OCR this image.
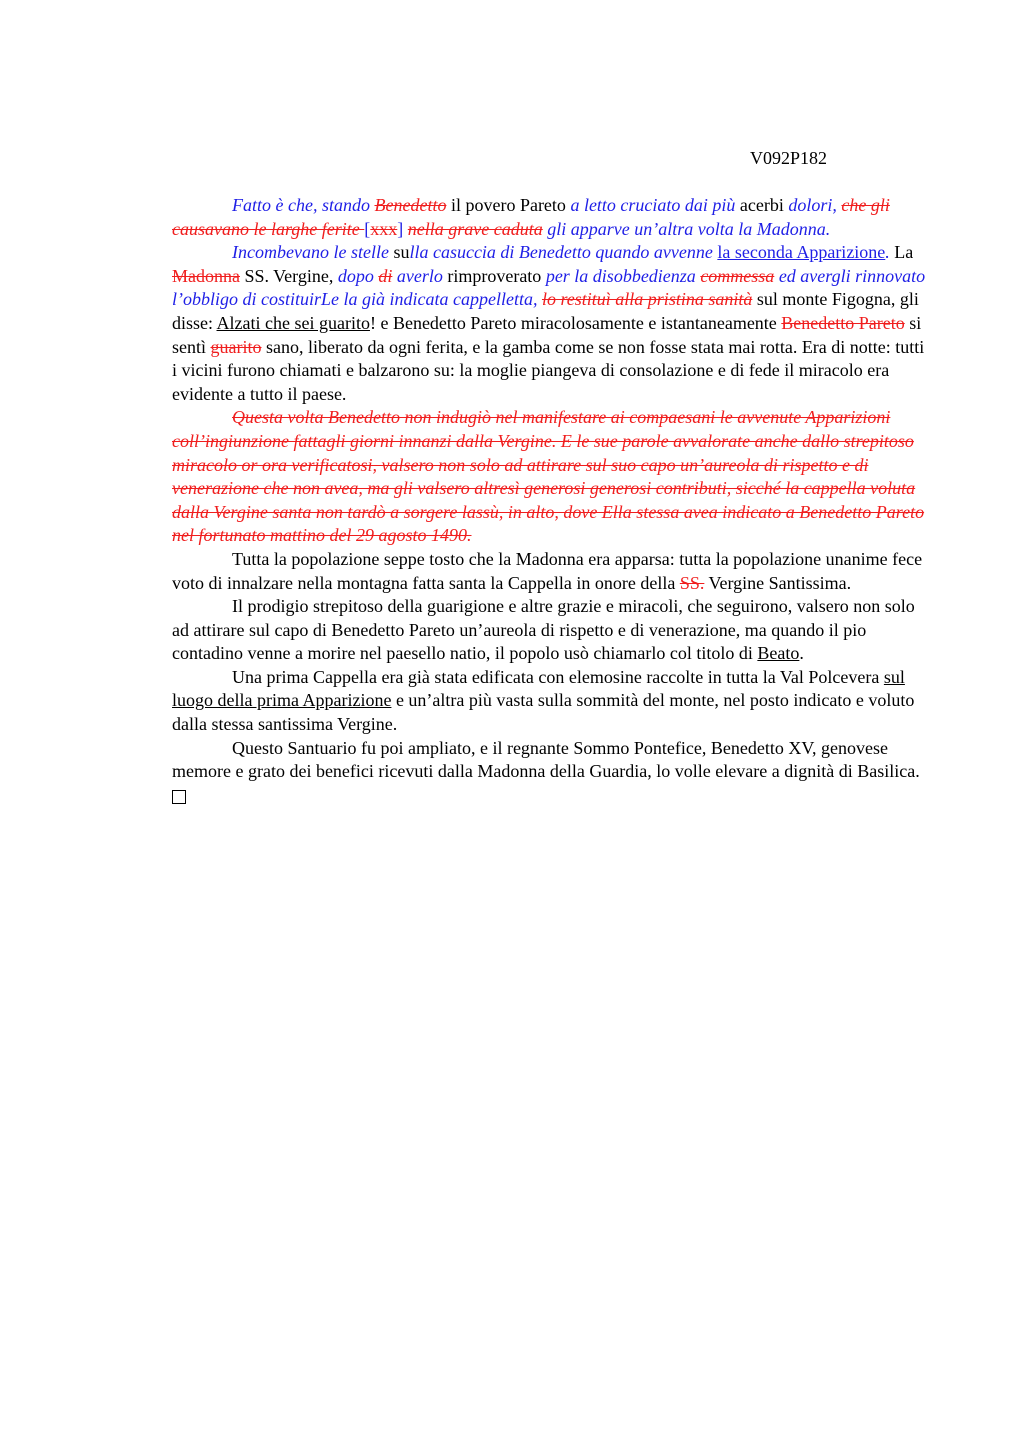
V092P182

Fatto è che, stando Benedetto il povero Pareto a letto cruciato dai più acerbi dolori, che gli causavano le larghe ferite [xxx] nella grave caduta gli apparve un’altra volta la Madonna.

Incombevano le stelle sulla casuccia di Benedetto quando avvenne la seconda Apparizione. La Madonna SS. Vergine, dopo di averlo rimproverato per la disobbedienza commessa ed avergli rinnovato l’obbligo di costituirLe la già indicata cappelletta, lo restituì alla pristina sanità sul monte Figogna, gli disse: Alzati che sei guarito! e Benedetto Pareto miracolosamente e istantaneamente Benedetto Pareto si sentì guarito sano, liberato da ogni ferita, e la gamba come se non fosse stata mai rotta. Era di notte: tutti i vicini furono chiamati e balzarono su: la moglie piangeva di consolazione e di fede il miracolo era evidente a tutto il paese.

Questa volta Benedetto non indugiò nel manifestare ai compaesani le avvenute Apparizioni coll’ingiunzione fattagli giorni innanzi dalla Vergine. E le sue parole avvalorate anche dallo strepitoso miracolo or ora verificatosi, valsero non solo ad attirare sul suo capo un’aureola di rispetto e di venerazione che non avea, ma gli valsero altresì generosi generosi contributi, sicché la cappella voluta dalla Vergine santa non tardò a sorgere lassù, in alto, dove Ella stessa avea indicato a Benedetto Pareto nel fortunato mattino del 29 agosto 1490.

Tutta la popolazione seppe tosto che la Madonna era apparsa: tutta la popolazione unanime fece voto di innalzare nella montagna fatta santa la Cappella in onore della SS. Vergine Santissima.

Il prodigio strepitoso della guarigione e altre grazie e miracoli, che seguirono, valsero non solo ad attirare sul capo di Benedetto Pareto un’aureola di rispetto e di venerazione, ma quando il pio contadino venne a morire nel paesello natio, il popolo usò chiamarlo col titolo di Beato.

Una prima Cappella era già stata edificata con elemosine raccolte in tutta la Val Polcevera sul luogo della prima Apparizione e un’altra più vasta sulla sommità del monte, nel posto indicato e voluto dalla stessa santissima Vergine.

Questo Santuario fu poi ampliato, e il regnante Sommo Pontefice, Benedetto XV, genovese memore e grato dei benefici ricevuti dalla Madonna della Guardia, lo volle elevare a dignità di Basilica.
